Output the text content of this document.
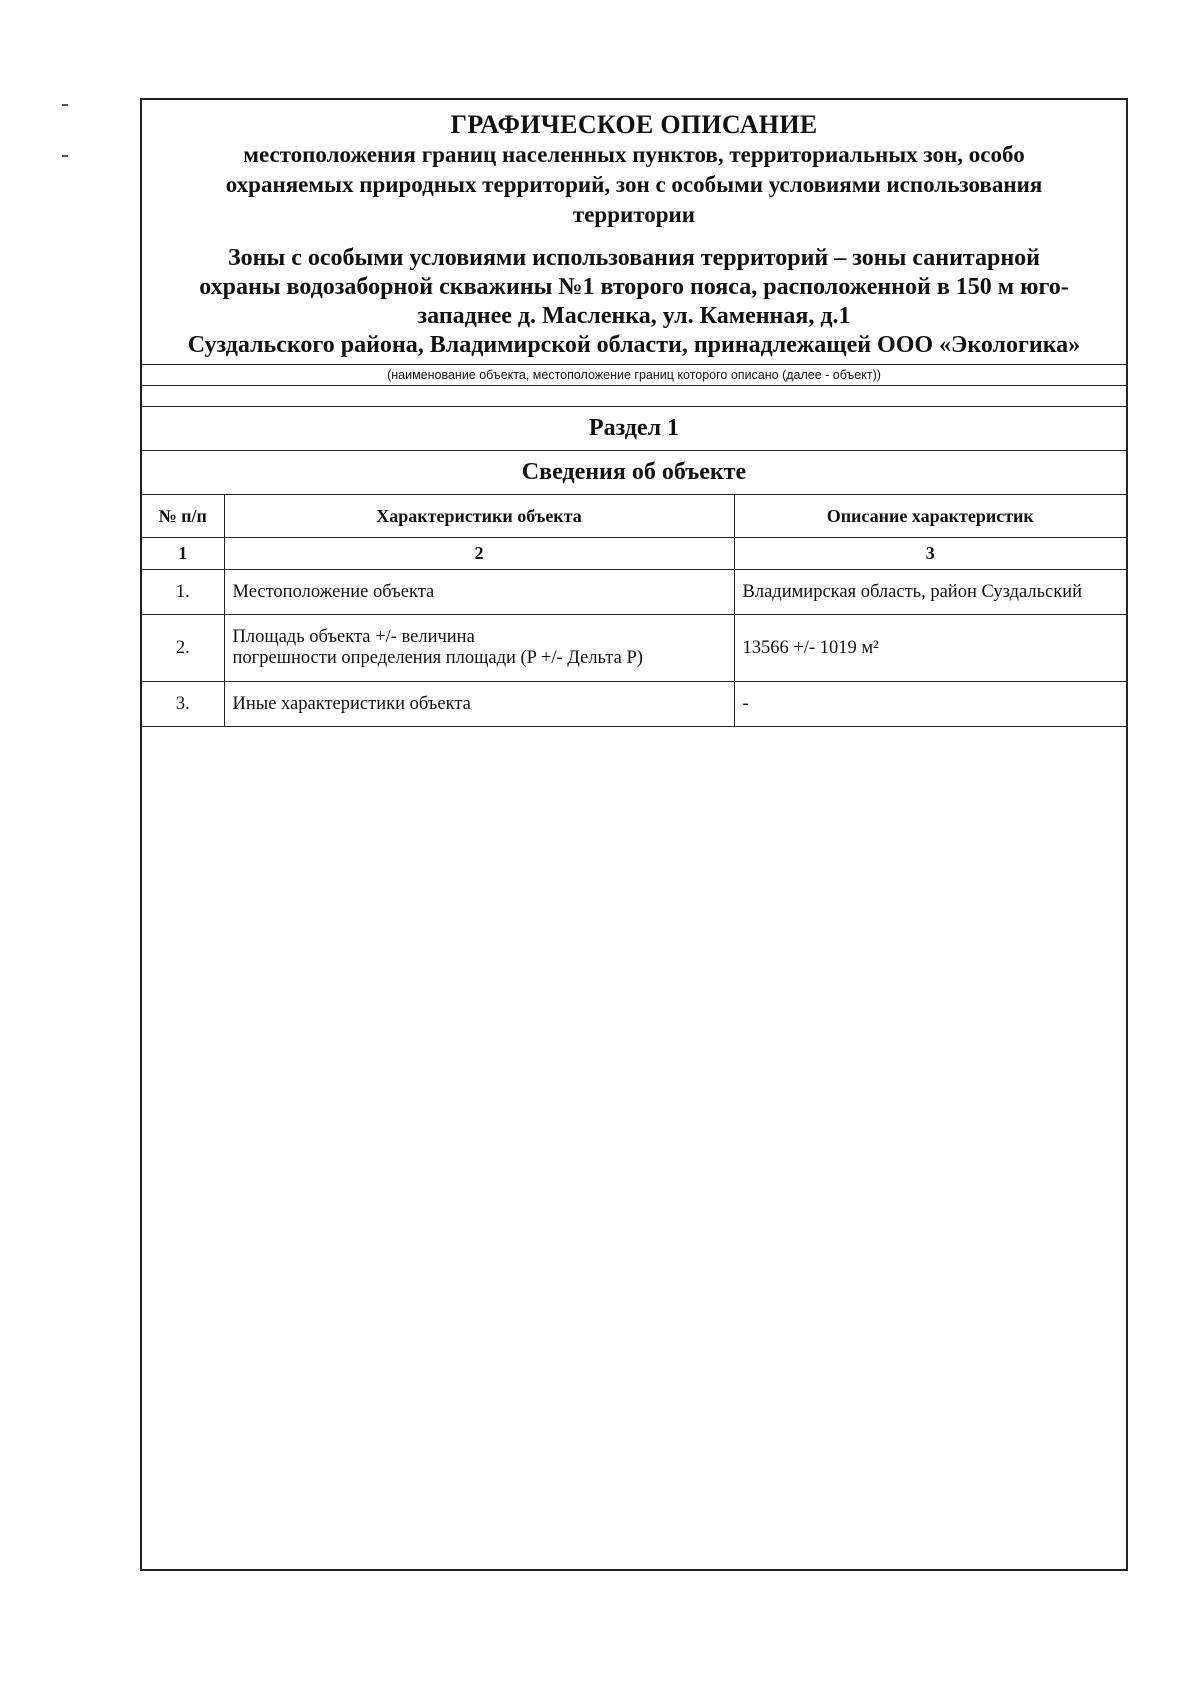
ГРАФИЧЕСКОЕ ОПИСАНИЕ
местоположения границ населенных пунктов, территориальных зон, особо
охраняемых природных территорий, зон с особыми условиями использования
территории
Зоны с особыми условиями использования территорий – зоны санитарной
охраны водозаборной скважины №1 второго пояса, расположенной в 150 м юго-
западнее д. Масленка, ул. Каменная, д.1
Суздальского района, Владимирской области, принадлежащей ООО «Экологика»
(наименование объекта, местоположение границ которого описано (далее - объект))
Раздел 1
Сведения об объекте
№ п/п	Характеристики объекта	Описание характеристик
1	2	3
1.	Местоположение объекта	Владимирская область, район Суздальский
2.	Площадь объекта +/- величина
погрешности определения площади (P +/- Дельта P)	13566 +/- 1019 м²
3.	Иные характеристики объекта	-
